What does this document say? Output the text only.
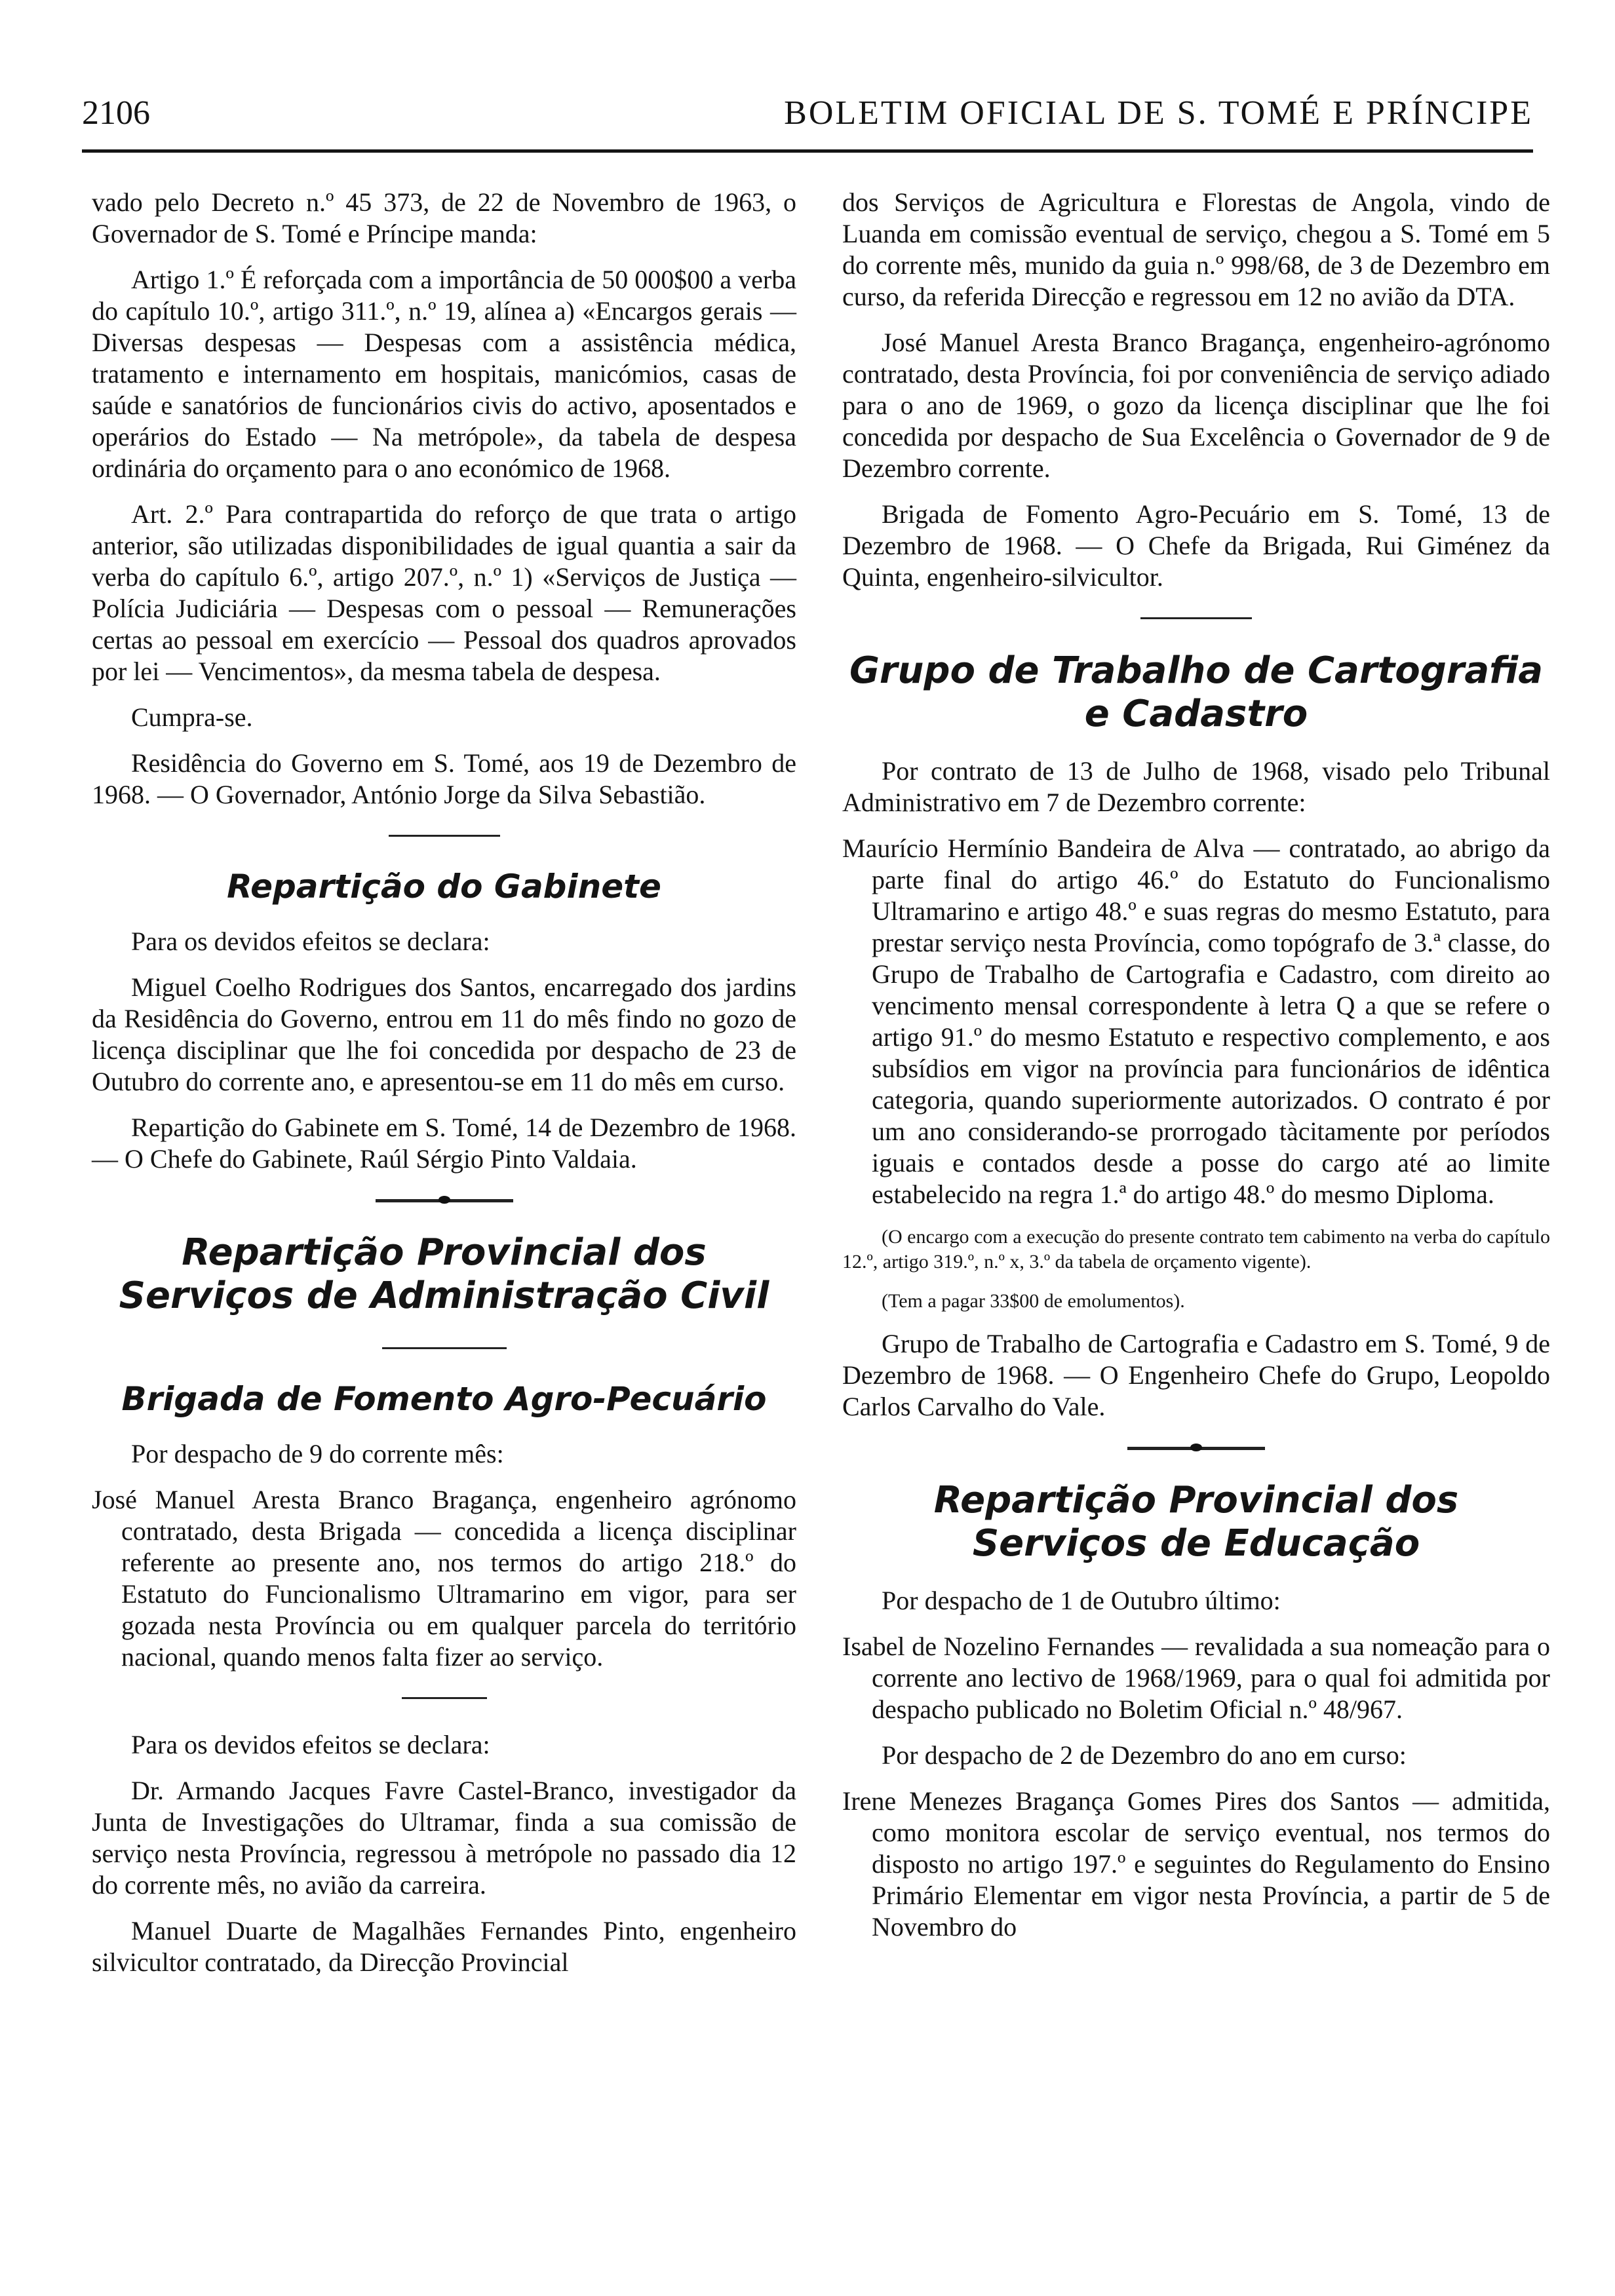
2106	BOLETIM OFICIAL DE S. TOMÉ E PRÍNCIPE

vado pelo Decreto n.º 45 373, de 22 de Novembro de 1963, o Governador de S. Tomé e Príncipe manda:

Artigo 1.º É reforçada com a importância de 50 000$00 a verba do capítulo 10.º, artigo 311.º, n.º 19, alínea a) «Encargos gerais — Diversas despesas — Despesas com a assistência médica, tratamento e internamento em hospitais, manicómios, casas de saúde e sanatórios de funcionários civis do activo, aposentados e operários do Estado — Na metrópole», da tabela de despesa ordinária do orçamento para o ano económico de 1968.

Art. 2.º Para contrapartida do reforço de que trata o artigo anterior, são utilizadas disponibilidades de igual quantia a sair da verba do capítulo 6.º, artigo 207.º, n.º 1) «Serviços de Justiça — Polícia Judiciária — Despesas com o pessoal — Remunerações certas ao pessoal em exercício — Pessoal dos quadros aprovados por lei — Vencimentos», da mesma tabela de despesa.

Cumpra-se.

Residência do Governo em S. Tomé, aos 19 de Dezembro de 1968. — O Governador, António Jorge da Silva Sebastião.

Repartição do Gabinete

Para os devidos efeitos se declara:

Miguel Coelho Rodrigues dos Santos, encarregado dos jardins da Residência do Governo, entrou em 11 do mês findo no gozo de licença disciplinar que lhe foi concedida por despacho de 23 de Outubro do corrente ano, e apresentou-se em 11 do mês em curso.

Repartição do Gabinete em S. Tomé, 14 de Dezembro de 1968. — O Chefe do Gabinete, Raúl Sérgio Pinto Valdaia.

Repartição Provincial dos Serviços de Administração Civil
Brigada de Fomento Agro-Pecuário

Por despacho de 9 do corrente mês:

José Manuel Aresta Branco Bragança, engenheiro agrónomo contratado, desta Brigada — concedida a licença disciplinar referente ao presente ano, nos termos do artigo 218.º do Estatuto do Funcionalismo Ultramarino em vigor, para ser gozada nesta Província ou em qualquer parcela do território nacional, quando menos falta fizer ao serviço.

Para os devidos efeitos se declara:

Dr. Armando Jacques Favre Castel-Branco, investigador da Junta de Investigações do Ultramar, finda a sua comissão de serviço nesta Província, regressou à metrópole no passado dia 12 do corrente mês, no avião da carreira.

Manuel Duarte de Magalhães Fernandes Pinto, engenheiro silvicultor contratado, da Direcção Provincial

dos Serviços de Agricultura e Florestas de Angola, vindo de Luanda em comissão eventual de serviço, chegou a S. Tomé em 5 do corrente mês, munido da guia n.º 998/68, de 3 de Dezembro em curso, da referida Direcção e regressou em 12 no avião da DTA.

José Manuel Aresta Branco Bragança, engenheiro-agrónomo contratado, desta Província, foi por conveniência de serviço adiado para o ano de 1969, o gozo da licença disciplinar que lhe foi concedida por despacho de Sua Excelência o Governador de 9 de Dezembro corrente.

Brigada de Fomento Agro-Pecuário em S. Tomé, 13 de Dezembro de 1968. — O Chefe da Brigada, Rui Giménez da Quinta, engenheiro-silvicultor.

Grupo de Trabalho de Cartografia e Cadastro

Por contrato de 13 de Julho de 1968, visado pelo Tribunal Administrativo em 7 de Dezembro corrente:

Maurício Hermínio Bandeira de Alva — contratado, ao abrigo da parte final do artigo 46.º do Estatuto do Funcionalismo Ultramarino e artigo 48.º e suas regras do mesmo Estatuto, para prestar serviço nesta Província, como topógrafo de 3.ª classe, do Grupo de Trabalho de Cartografia e Cadastro, com direito ao vencimento mensal correspondente à letra Q a que se refere o artigo 91.º do mesmo Estatuto e respectivo complemento, e aos subsídios em vigor na província para funcionários de idêntica categoria, quando superiormente autorizados. O contrato é por um ano considerando-se prorrogado tàcitamente por períodos iguais e contados desde a posse do cargo até ao limite estabelecido na regra 1.ª do artigo 48.º do mesmo Diploma.

(O encargo com a execução do presente contrato tem cabimento na verba do capítulo 12.º, artigo 319.º, n.º x, 3.º da tabela de orçamento vigente).

(Tem a pagar 33$00 de emolumentos).

Grupo de Trabalho de Cartografia e Cadastro em S. Tomé, 9 de Dezembro de 1968. — O Engenheiro Chefe do Grupo, Leopoldo Carlos Carvalho do Vale.

Repartição Provincial dos Serviços de Educação

Por despacho de 1 de Outubro último:

Isabel de Nozelino Fernandes — revalidada a sua nomeação para o corrente ano lectivo de 1968/1969, para o qual foi admitida por despacho publicado no Boletim Oficial n.º 48/967.

Por despacho de 2 de Dezembro do ano em curso:

Irene Menezes Bragança Gomes Pires dos Santos — admitida, como monitora escolar de serviço eventual, nos termos do disposto no artigo 197.º e seguintes do Regulamento do Ensino Primário Elementar em vigor nesta Província, a partir de 5 de Novembro do
